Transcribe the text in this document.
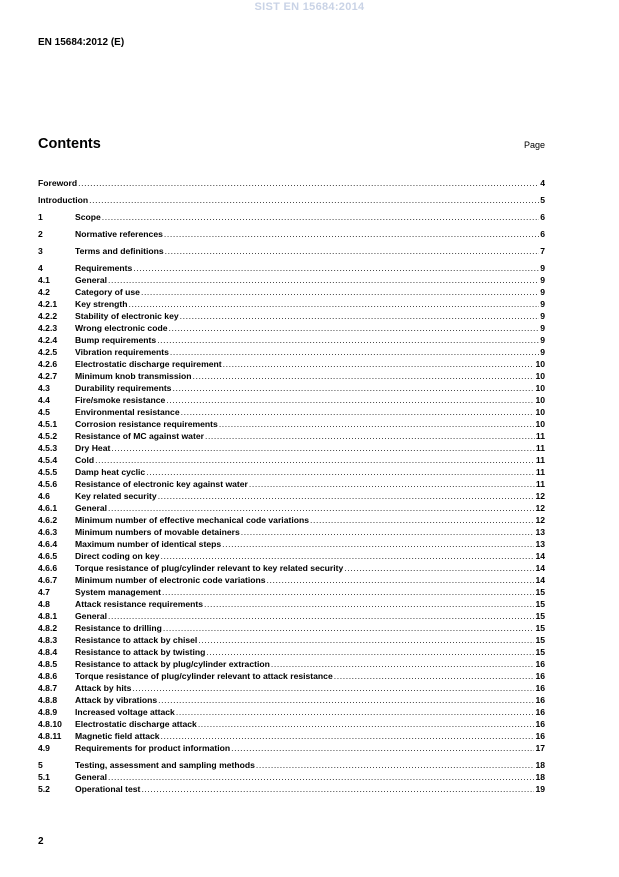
SIST EN 15684:2014
EN 15684:2012 (E)
Contents	Page
Foreword .....	4
Introduction .....	5
1	Scope .....	6
2	Normative references .....	6
3	Terms and definitions .....	7
4	Requirements .....	9
4.1	General .....	9
4.2	Category of use .....	9
4.2.1	Key strength .....	9
4.2.2	Stability of electronic key .....	9
4.2.3	Wrong electronic code .....	9
4.2.4	Bump requirements .....	9
4.2.5	Vibration requirements .....	9
4.2.6	Electrostatic discharge requirement .....	10
4.2.7	Minimum knob transmission .....	10
4.3	Durability requirements .....	10
4.4	Fire/smoke resistance .....	10
4.5	Environmental resistance .....	10
4.5.1	Corrosion resistance requirements .....	10
4.5.2	Resistance of MC against water .....	11
4.5.3	Dry Heat .....	11
4.5.4	Cold .....	11
4.5.5	Damp heat cyclic .....	11
4.5.6	Resistance of electronic key against water .....	11
4.6	Key related security .....	12
4.6.1	General .....	12
4.6.2	Minimum number of effective mechanical code variations .....	12
4.6.3	Minimum numbers of movable detainers .....	13
4.6.4	Maximum number of identical steps .....	13
4.6.5	Direct coding on key .....	14
4.6.6	Torque resistance of plug/cylinder relevant to key related security .....	14
4.6.7	Minimum number of electronic code variations .....	14
4.7	System management .....	15
4.8	Attack resistance requirements .....	15
4.8.1	General .....	15
4.8.2	Resistance to drilling .....	15
4.8.3	Resistance to attack by chisel .....	15
4.8.4	Resistance to attack by twisting .....	15
4.8.5	Resistance to attack by plug/cylinder extraction .....	16
4.8.6	Torque resistance of plug/cylinder relevant to attack resistance .....	16
4.8.7	Attack by hits .....	16
4.8.8	Attack by vibrations .....	16
4.8.9	Increased voltage attack .....	16
4.8.10	Electrostatic discharge attack .....	16
4.8.11	Magnetic field attack .....	16
4.9	Requirements for product information .....	17
5	Testing, assessment and sampling methods .....	18
5.1	General .....	18
5.2	Operational test .....	19
2
